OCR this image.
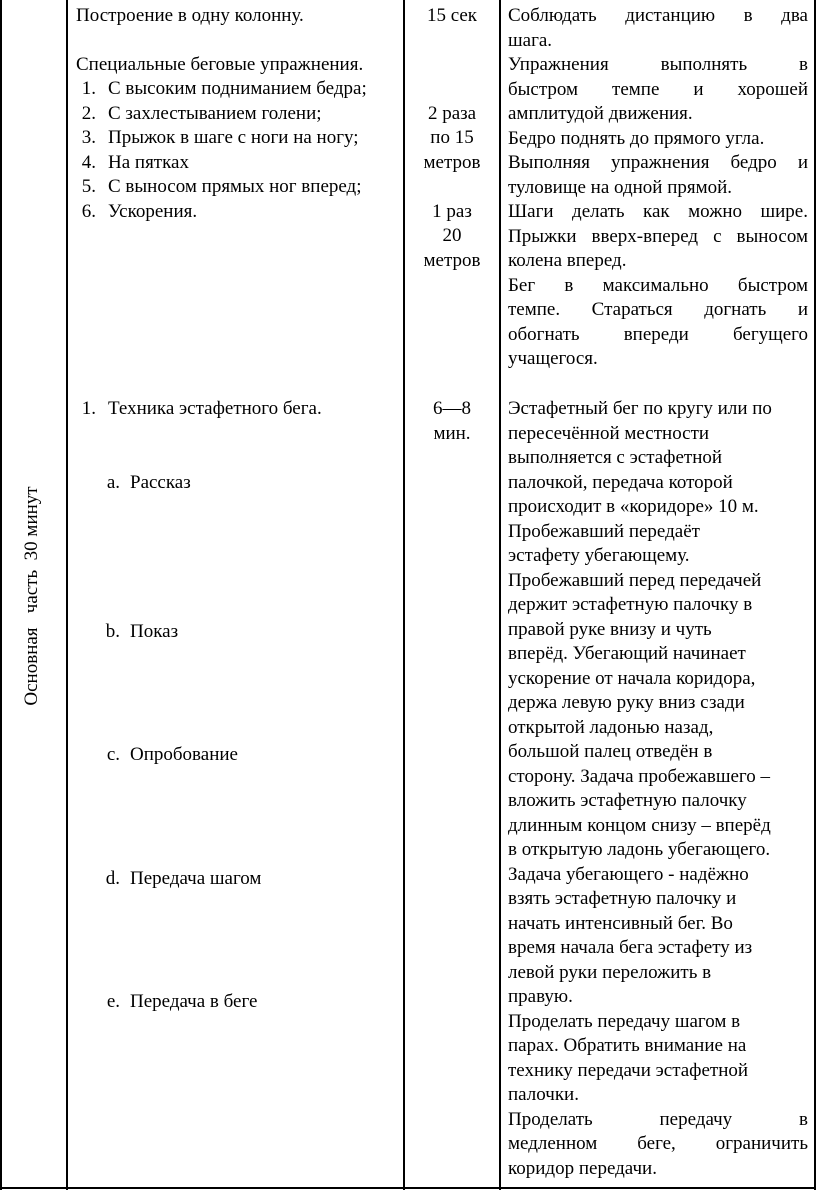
Основная   часть  30 минут
Построение в одну колонну.
Специальные беговые упражнения.
1. С высоким подниманием бедра;
2. С захлестыванием голени;
3. Прыжок в шаге с ноги на ногу;
4. На пятках
5. С выносом прямых ног вперед;
6. Ускорения.
1. Техника эстафетного бега.
a. Рассказ
b. Показ
c. Опробование
d. Передача шагом
e. Передача в беге
15 сек
2 раза
по 15
метров
1 раз
20
метров
6—8
мин.
Соблюдать дистанцию в два
шага.
Упражнения выполнять в
быстром темпе и хорошей
амплитудой движения.
Бедро поднять до прямого угла.
Выполняя упражнения бедро и
туловище на одной прямой.
Шаги делать как можно шире.
Прыжки вверх-вперед с выносом
колена вперед.
Бег в максимально быстром
темпе. Стараться догнать и
обогнать впереди бегущего
учащегося.
Эстафетный бег по кругу или по
пересечённой местности
выполняется с эстафетной
палочкой, передача которой
происходит в «коридоре» 10 м.
Пробежавший передаёт
эстафету убегающему.
Пробежавший перед передачей
держит эстафетную палочку в
правой руке внизу и чуть
вперёд. Убегающий начинает
ускорение от начала коридора,
держа левую руку вниз сзади
открытой ладонью назад,
большой палец отведён в
сторону. Задача пробежавшего –
вложить эстафетную палочку
длинным концом снизу – вперёд
в открытую ладонь убегающего.
Задача убегающего - надёжно
взять эстафетную палочку и
начать интенсивный бег. Во
время начала бега эстафету из
левой руки переложить в
правую.
Проделать передачу шагом в
парах. Обратить внимание на
технику передачи эстафетной
палочки.
Проделать передачу в
медленном беге, ограничить
коридор передачи.
